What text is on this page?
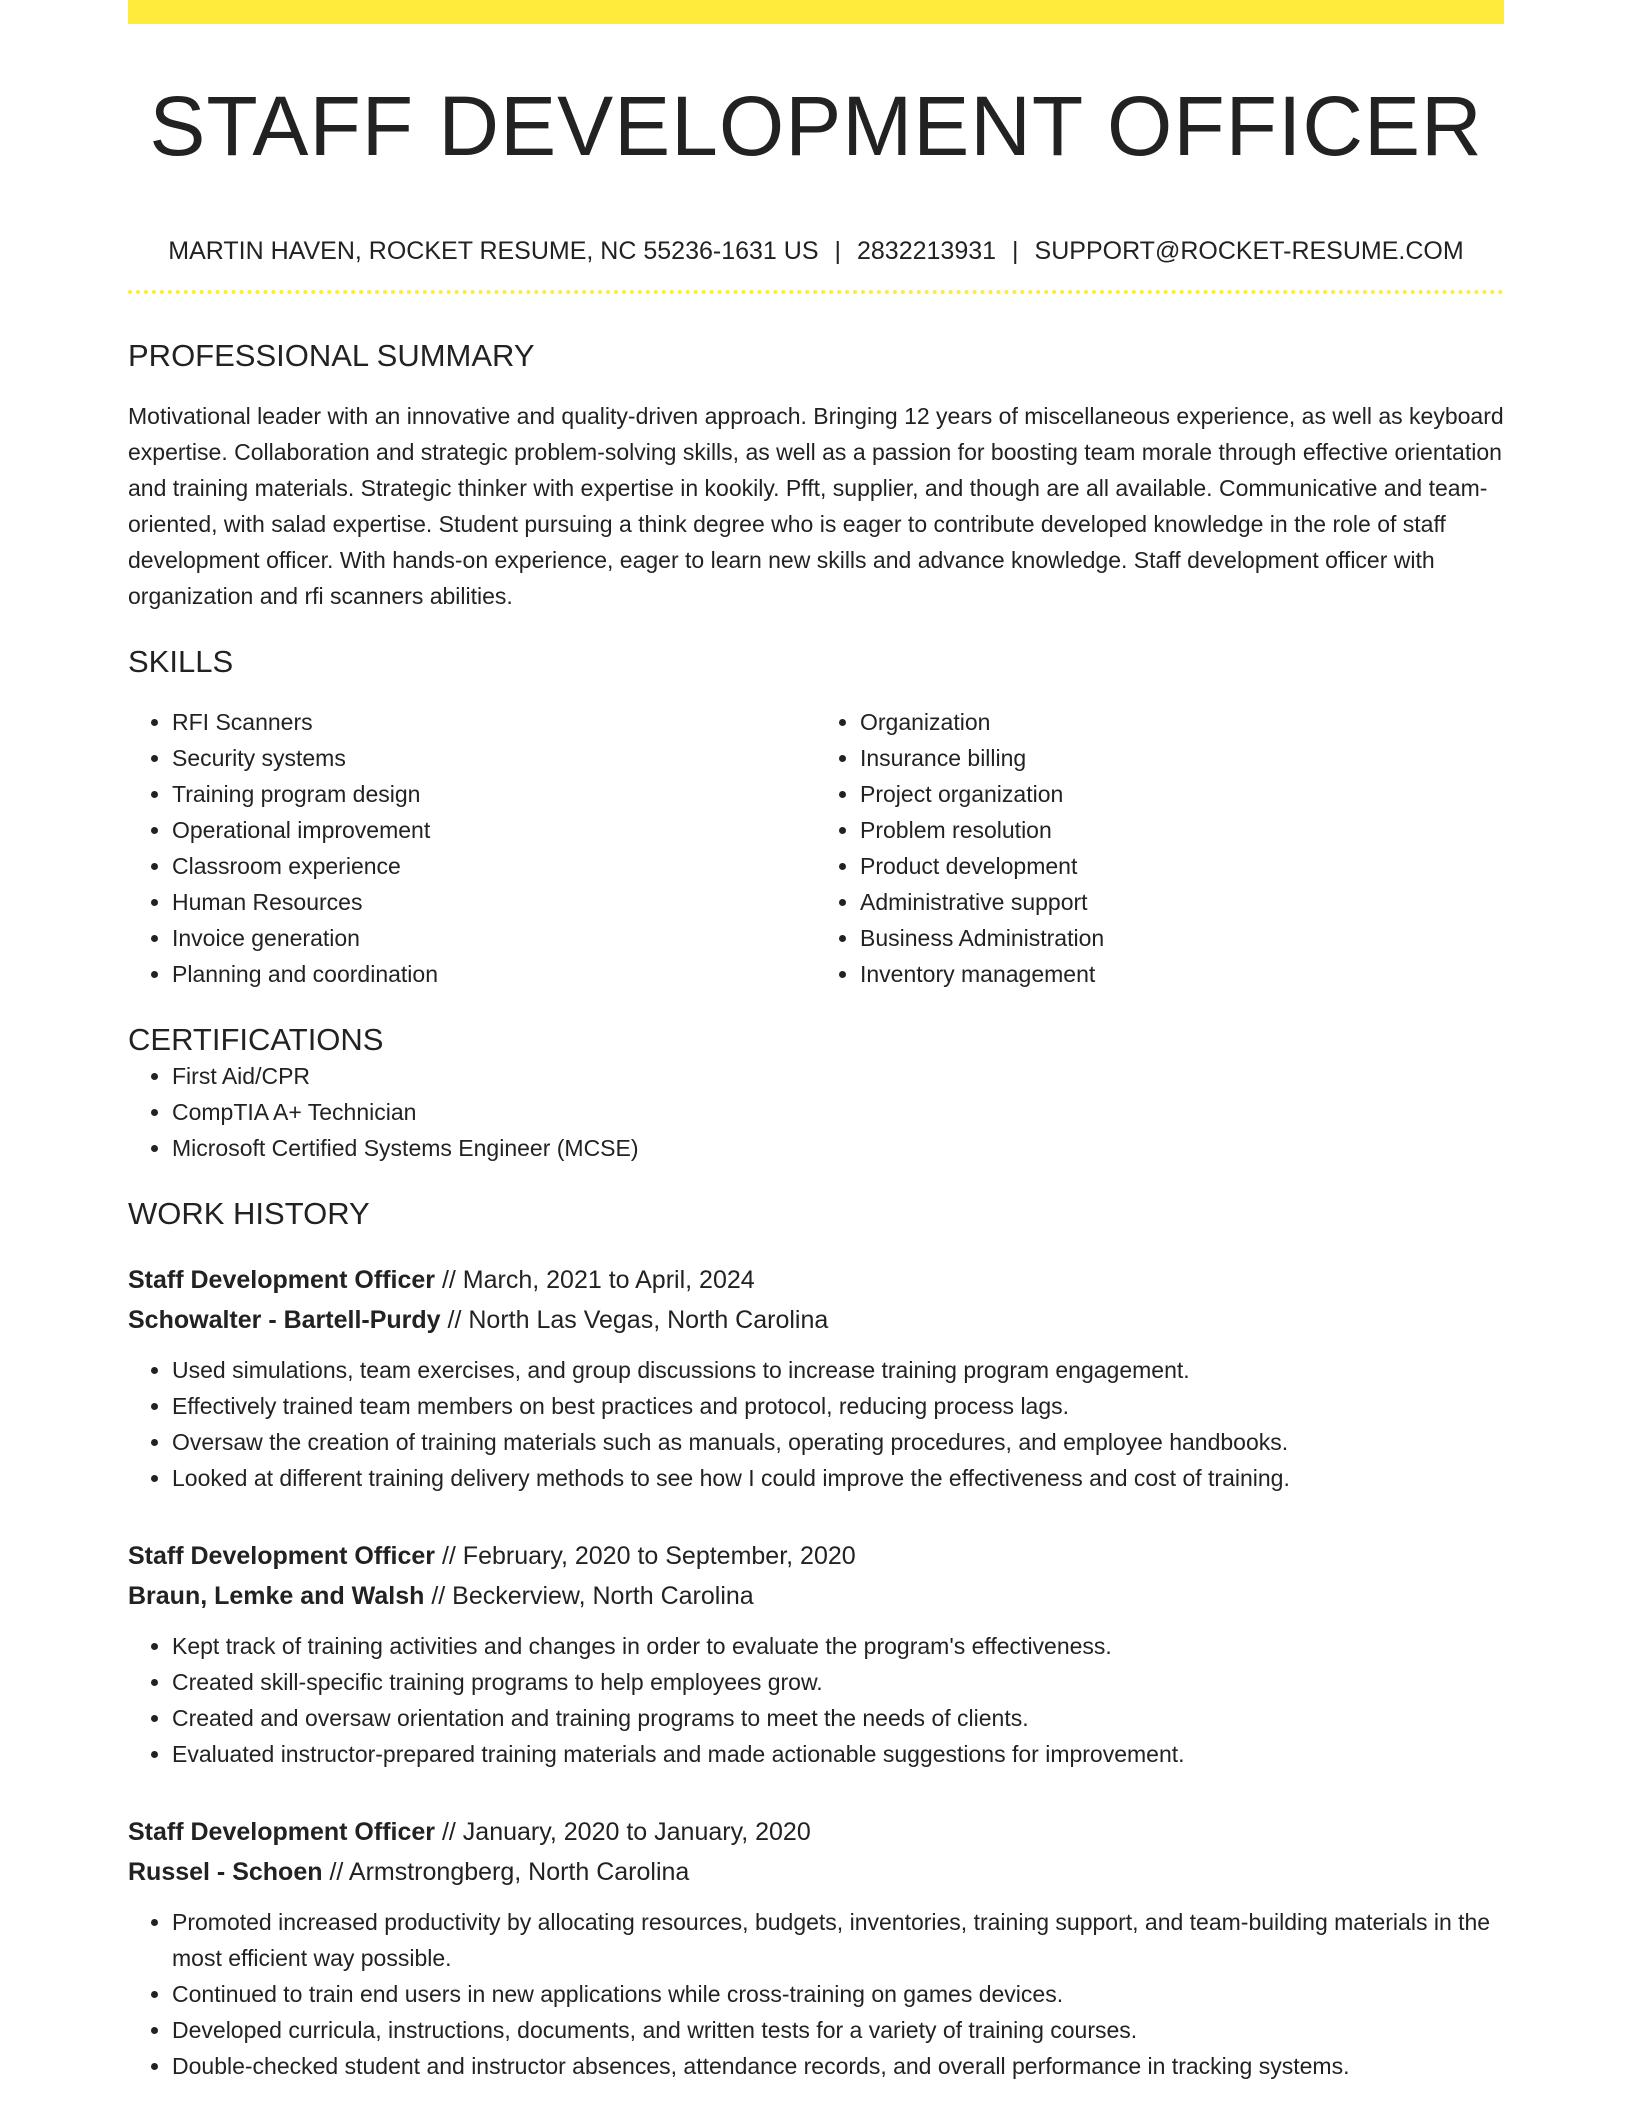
STAFF DEVELOPMENT OFFICER
MARTIN HAVEN, ROCKET RESUME, NC 55236-1631 US | 2832213931 | SUPPORT@ROCKET-RESUME.COM
PROFESSIONAL SUMMARY

Motivational leader with an innovative and quality-driven approach. Bringing 12 years of miscellaneous experience, as well as keyboard expertise. Collaboration and strategic problem-solving skills, as well as a passion for boosting team morale through effective orientation and training materials. Strategic thinker with expertise in kookily. Pfft, supplier, and though are all available. Communicative and team-oriented, with salad expertise. Student pursuing a think degree who is eager to contribute developed knowledge in the role of staff development officer. With hands-on experience, eager to learn new skills and advance knowledge. Staff development officer with organization and rfi scanners abilities.

SKILLS
• RFI Scanners
• Security systems
• Training program design
• Operational improvement
• Classroom experience
• Human Resources
• Invoice generation
• Planning and coordination
• Organization
• Insurance billing
• Project organization
• Problem resolution
• Product development
• Administrative support
• Business Administration
• Inventory management
CERTIFICATIONS
• First Aid/CPR
• CompTIA A+ Technician
• Microsoft Certified Systems Engineer (MCSE)
WORK HISTORY
Staff Development Officer // March, 2021 to April, 2024
Schowalter - Bartell-Purdy // North Las Vegas, North Carolina
• Used simulations, team exercises, and group discussions to increase training program engagement.
• Effectively trained team members on best practices and protocol, reducing process lags.
• Oversaw the creation of training materials such as manuals, operating procedures, and employee handbooks.
• Looked at different training delivery methods to see how I could improve the effectiveness and cost of training.
Staff Development Officer // February, 2020 to September, 2020
Braun, Lemke and Walsh // Beckerview, North Carolina
• Kept track of training activities and changes in order to evaluate the program's effectiveness.
• Created skill-specific training programs to help employees grow.
• Created and oversaw orientation and training programs to meet the needs of clients.
• Evaluated instructor-prepared training materials and made actionable suggestions for improvement.
Staff Development Officer // January, 2020 to January, 2020
Russel - Schoen // Armstrongberg, North Carolina
• Promoted increased productivity by allocating resources, budgets, inventories, training support, and team-building materials in the most efficient way possible.
• Continued to train end users in new applications while cross-training on games devices.
• Developed curricula, instructions, documents, and written tests for a variety of training courses.
• Double-checked student and instructor absences, attendance records, and overall performance in tracking systems.
